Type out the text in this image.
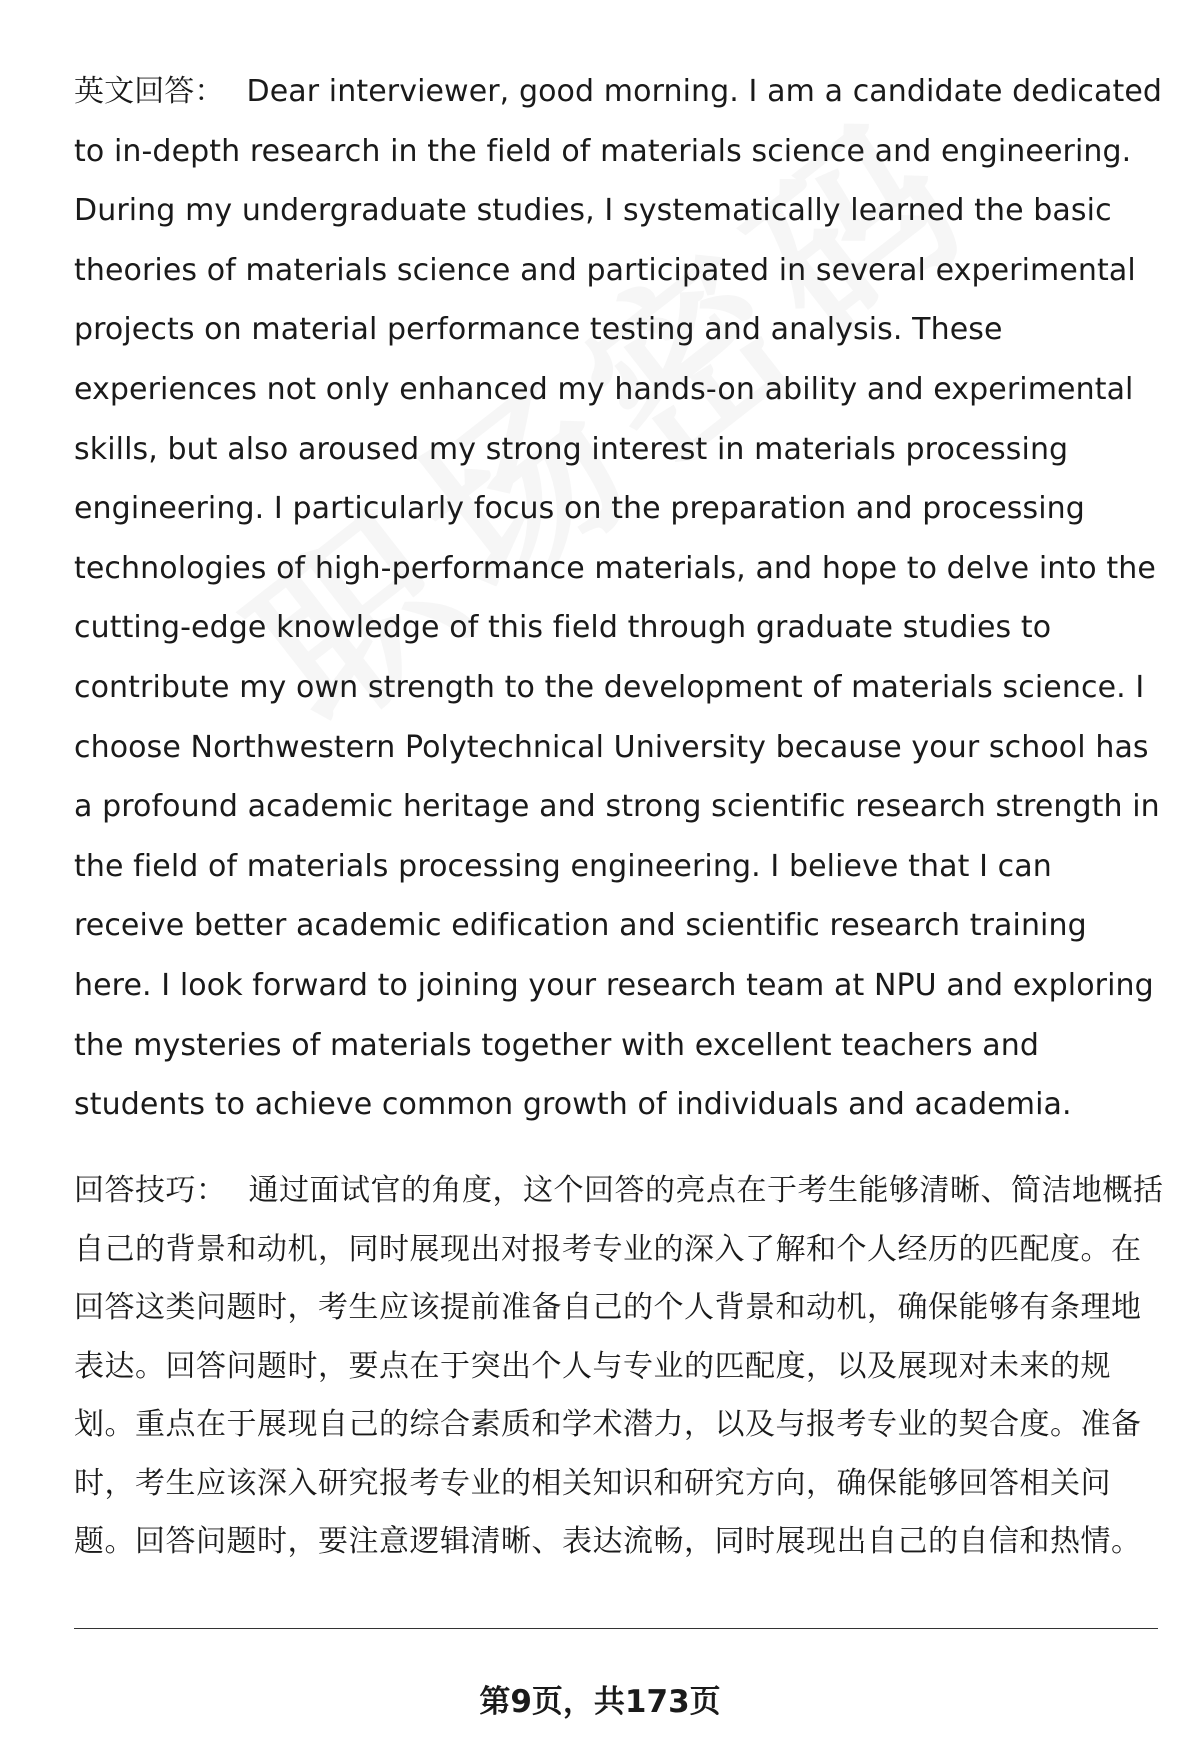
英文回答： Dear interviewer, good morning. I am a candidate dedicated to in-depth research in the field of materials science and engineering. During my undergraduate studies, I systematically learned the basic theories of materials science and participated in several experimental projects on material performance testing and analysis. These experiences not only enhanced my hands-on ability and experimental skills, but also aroused my strong interest in materials processing engineering. I particularly focus on the preparation and processing technologies of high-performance materials, and hope to delve into the cutting-edge knowledge of this field through graduate studies to contribute my own strength to the development of materials science. I choose Northwestern Polytechnical University because your school has a profound academic heritage and strong scientific research strength in the field of materials processing engineering. I believe that I can receive better academic edification and scientific research training here. I look forward to joining your research team at NPU and exploring the mysteries of materials together with excellent teachers and students to achieve common growth of individuals and academia.
回答技巧： 通过面试官的角度，这个回答的亮点在于考生能够清晰、简洁地概括自己的背景和动机，同时展现出对报考专业的深入了解和个人经历的匹配度。在回答这类问题时，考生应该提前准备自己的个人背景和动机，确保能够有条理地表达。回答问题时，要点在于突出个人与专业的匹配度，以及展现对未来的规划。重点在于展现自己的综合素质和学术潜力，以及与报考专业的契合度。准备时，考生应该深入研究报考专业的相关知识和研究方向，确保能够回答相关问题。回答问题时，要注意逻辑清晰、表达流畅，同时展现出自己的自信和热情。
第9页，共173页
